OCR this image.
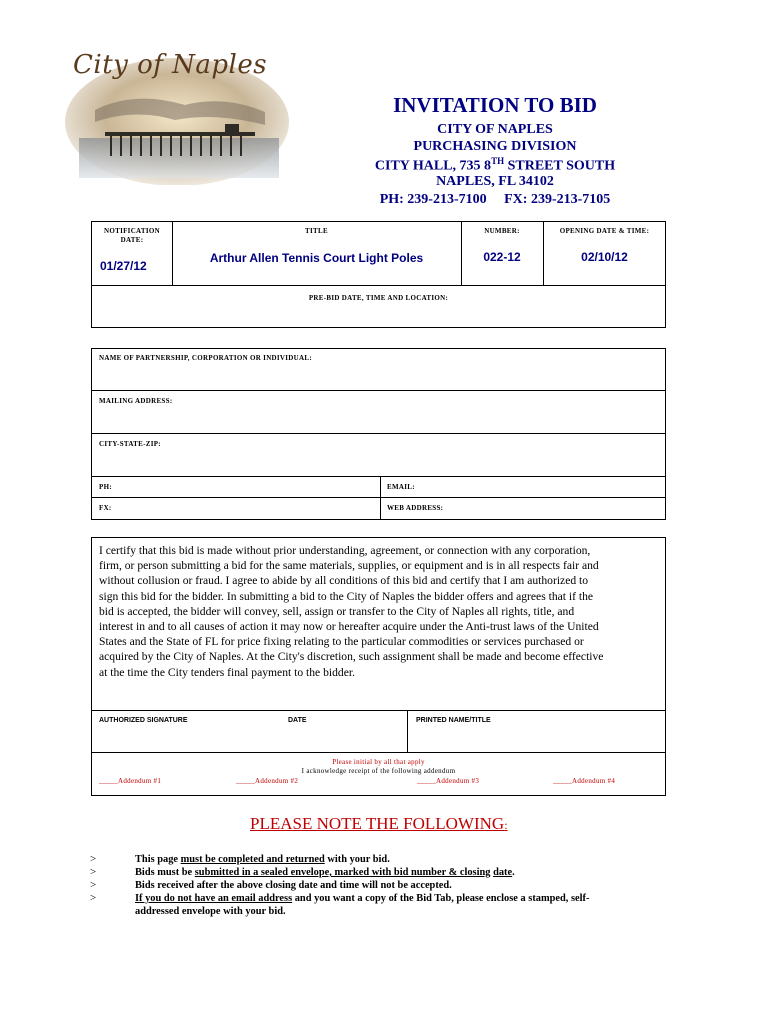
City of Naples
INVITATION TO BID
CITY OF NAPLES
PURCHASING DIVISION
CITY HALL, 735 8TH STREET SOUTH
NAPLES, FL 34102
PH: 239-213-7100     FX: 239-213-7105
NOTIFICATION DATE:
01/27/12
TITLE
Arthur Allen Tennis Court Light Poles
NUMBER:
022-12
OPENING DATE & TIME:
02/10/12
PRE-BID DATE, TIME AND LOCATION:
NAME OF PARTNERSHIP, CORPORATION OR INDIVIDUAL:
MAILING ADDRESS:
CITY-STATE-ZIP:
PH:	EMAIL:
FX:	WEB ADDRESS:
I certify that this bid is made without prior understanding, agreement, or connection with any corporation,
firm, or person submitting a bid for the same materials, supplies, or equipment and is in all respects fair and
without collusion or fraud. I agree to abide by all conditions of this bid and certify that I am authorized to
sign this bid for the bidder. In submitting a bid to the City of Naples the bidder offers and agrees that if the
bid is accepted, the bidder will convey, sell, assign or transfer to the City of Naples all rights, title, and
interest in and to all causes of action it may now or hereafter acquire under the Anti-trust laws of the United
States and the State of FL for price fixing relating to the particular commodities or services purchased or
acquired by the City of Naples. At the City's discretion, such assignment shall be made and become effective
at the time the City tenders final payment to the bidder.
AUTHORIZED SIGNATURE	DATE	PRINTED NAME/TITLE
Please initial by all that apply
I acknowledge receipt of the following addendum
_____Addendum #1	_____Addendum #2	_____Addendum #3	_____Addendum #4
PLEASE NOTE THE FOLLOWING:
>
>
>
>
This page must be completed and returned with your bid.
Bids must be submitted in a sealed envelope, marked with bid number & closing date.
Bids received after the above closing date and time will not be accepted.
If you do not have an email address and you want a copy of the Bid Tab, please enclose a stamped, self-
addressed envelope with your bid.
